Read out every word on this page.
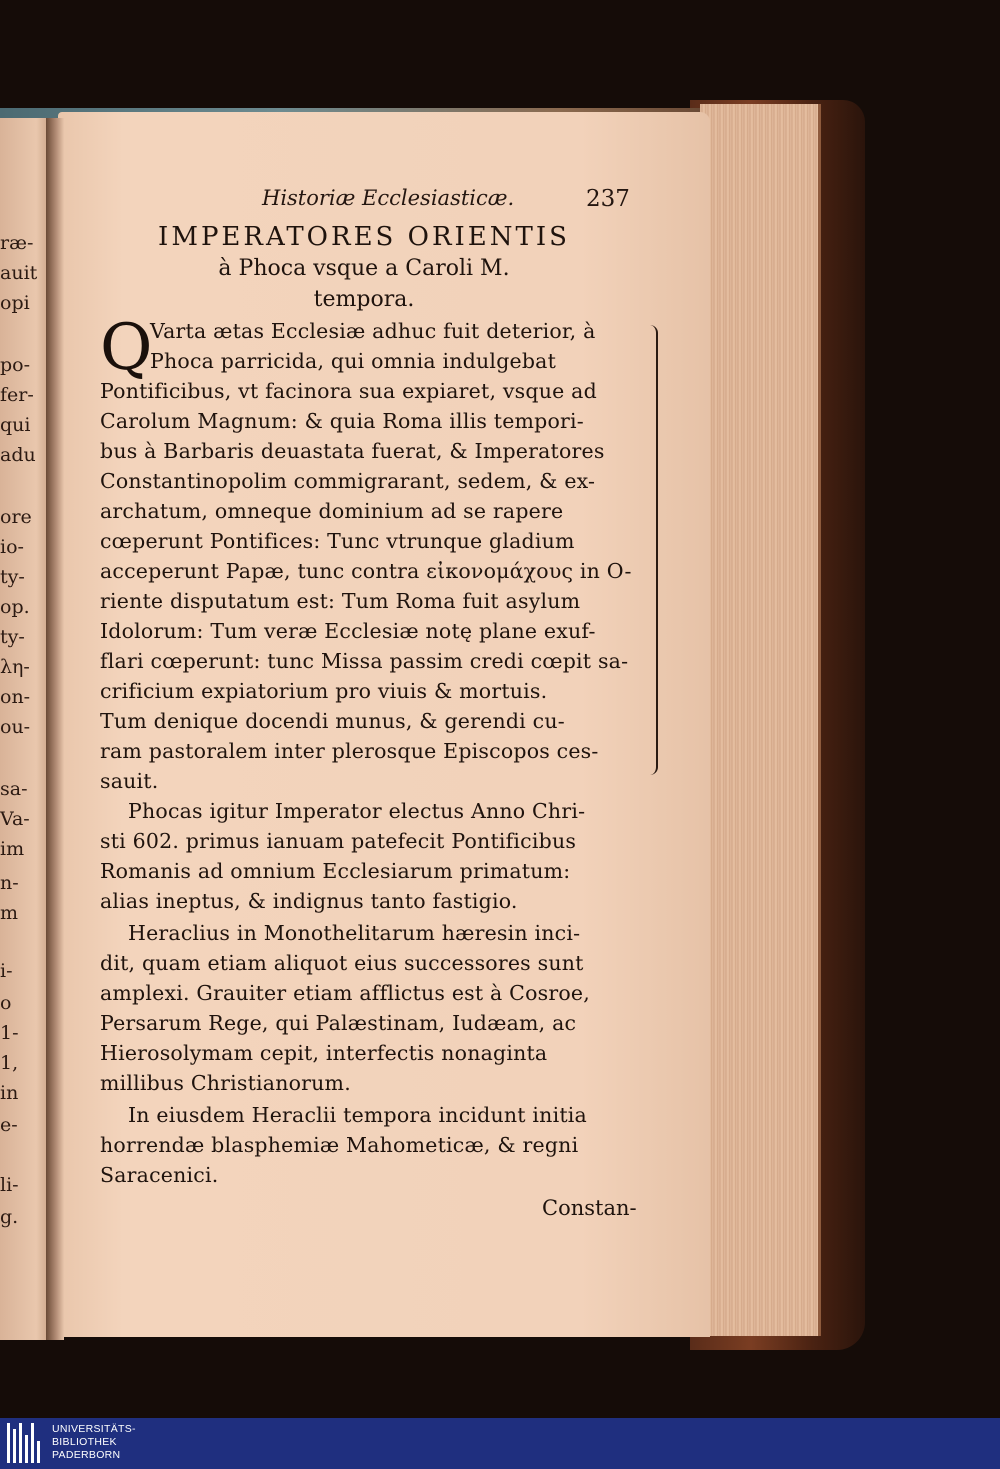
ræ-
auit
opi
po-
fer-
qui
adu
ore
io-
ty-
op.
ty-
λη-
on-
ou-
sa-
Va-
im
n-
m
i-
o
1-
1,
in
e-
li-
g.
Historiæ Ecclesiasticæ.	237
IMPERATORES ORIENTIS
à Phoca vsque a Caroli M.
tempora.
Q
Varta ætas Ecclesiæ adhuc fuit deterior, à
Phoca parricida, qui omnia indulgebat
Pontificibus, vt facinora sua expiaret, vsque ad
Carolum Magnum: & quia Roma illis tempori-
bus à Barbaris deuastata fuerat, & Imperatores
Constantinopolim commigrarant, sedem, & ex-
archatum, omneque dominium ad se rapere
cœperunt Pontifices: Tunc vtrunque gladium
acceperunt Papæ, tunc contra εἰκονομάχους in O-
riente disputatum est: Tum Roma fuit asylum
Idolorum: Tum veræ Ecclesiæ notę plane exuf-
flari cœperunt: tunc Missa passim credi cœpit sa-
crificium expiatorium pro viuis & mortuis.
Tum denique docendi munus, & gerendi cu-
ram pastoralem inter plerosque Episcopos ces-
sauit.
Phocas igitur Imperator electus Anno Chri-
sti 602. primus ianuam patefecit Pontificibus
Romanis ad omnium Ecclesiarum primatum:
alias ineptus, & indignus tanto fastigio.
Heraclius in Monothelitarum hæresin inci-
dit, quam etiam aliquot eius successores sunt
amplexi. Grauiter etiam afflictus est à Cosroe,
Persarum Rege, qui Palæstinam, Iudæam, ac
Hierosolymam cepit, interfectis nonaginta
millibus Christianorum.
In eiusdem Heraclii tempora incidunt initia
horrendæ blasphemiæ Mahometicæ, & regni
Saracenici.
Constan-
UNIVERSITÄTS-
BIBLIOTHEK
PADERBORN
